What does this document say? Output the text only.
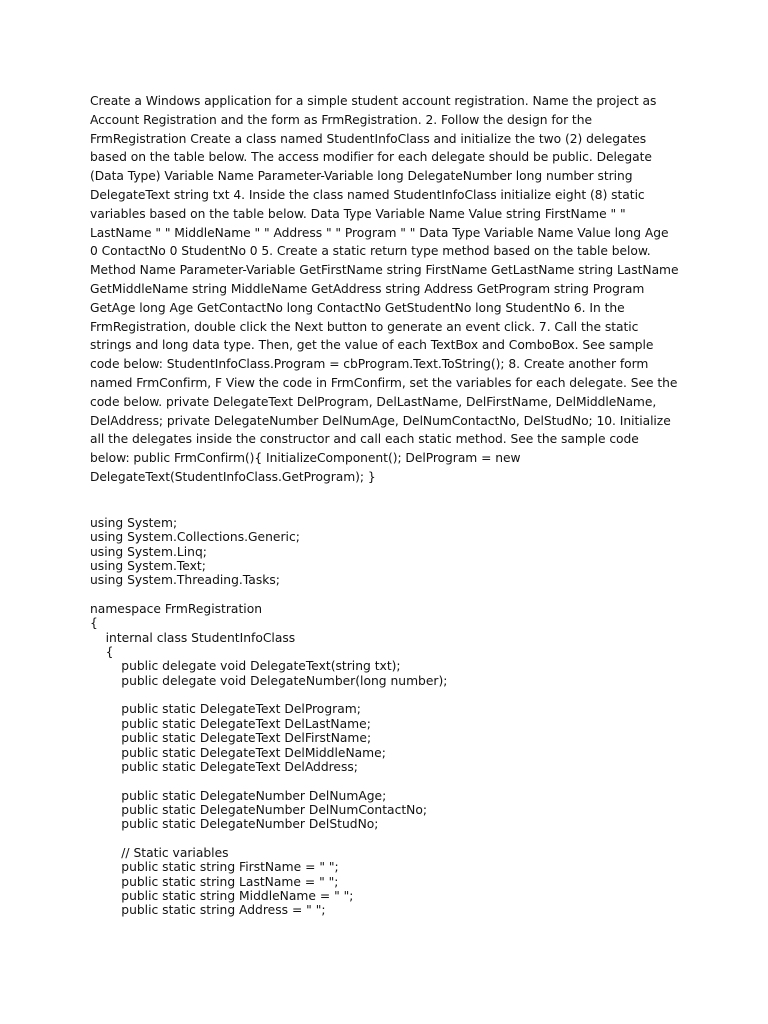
Create a Windows application for a simple student account registration. Name the project as Account Registration and the form as FrmRegistration. 2. Follow the design for the FrmRegistration Create a class named StudentInfoClass and initialize the two (2) delegates based on the table below. The access modifier for each delegate should be public. Delegate (Data Type) Variable Name Parameter-Variable long DelegateNumber long number string DelegateText string txt 4. Inside the class named StudentInfoClass initialize eight (8) static variables based on the table below. Data Type Variable Name Value string FirstName " " LastName " " MiddleName " " Address " " Program " " Data Type Variable Name Value long Age 0 ContactNo 0 StudentNo 0 5. Create a static return type method based on the table below. Method Name Parameter-Variable GetFirstName string FirstName GetLastName string LastName GetMiddleName string MiddleName GetAddress string Address GetProgram string Program GetAge long Age GetContactNo long ContactNo GetStudentNo long StudentNo 6. In the FrmRegistration, double click the Next button to generate an event click. 7. Call the static strings and long data type. Then, get the value of each TextBox and ComboBox. See sample code below: StudentInfoClass.Program = cbProgram.Text.ToString(); 8. Create another form named FrmConfirm, F View the code in FrmConfirm, set the variables for each delegate. See the code below. private DelegateText DelProgram, DelLastName, DelFirstName, DelMiddleName, DelAddress; private DelegateNumber DelNumAge, DelNumContactNo, DelStudNo; 10. Initialize all the delegates inside the constructor and call each static method. See the sample code below: public FrmConfirm(){ InitializeComponent(); DelProgram = new DelegateText(StudentInfoClass.GetProgram); }

using System;
using System.Collections.Generic;
using System.Linq;
using System.Text;
using System.Threading.Tasks;
namespace FrmRegistration
{
internal class StudentInfoClass
{
public delegate void DelegateText(string txt);
public delegate void DelegateNumber(long number);
public static DelegateText DelProgram;
public static DelegateText DelLastName;
public static DelegateText DelFirstName;
public static DelegateText DelMiddleName;
public static DelegateText DelAddress;
public static DelegateNumber DelNumAge;
public static DelegateNumber DelNumContactNo;
public static DelegateNumber DelStudNo;
// Static variables
public static string FirstName = " ";
public static string LastName = " ";
public static string MiddleName = " ";
public static string Address = " ";
